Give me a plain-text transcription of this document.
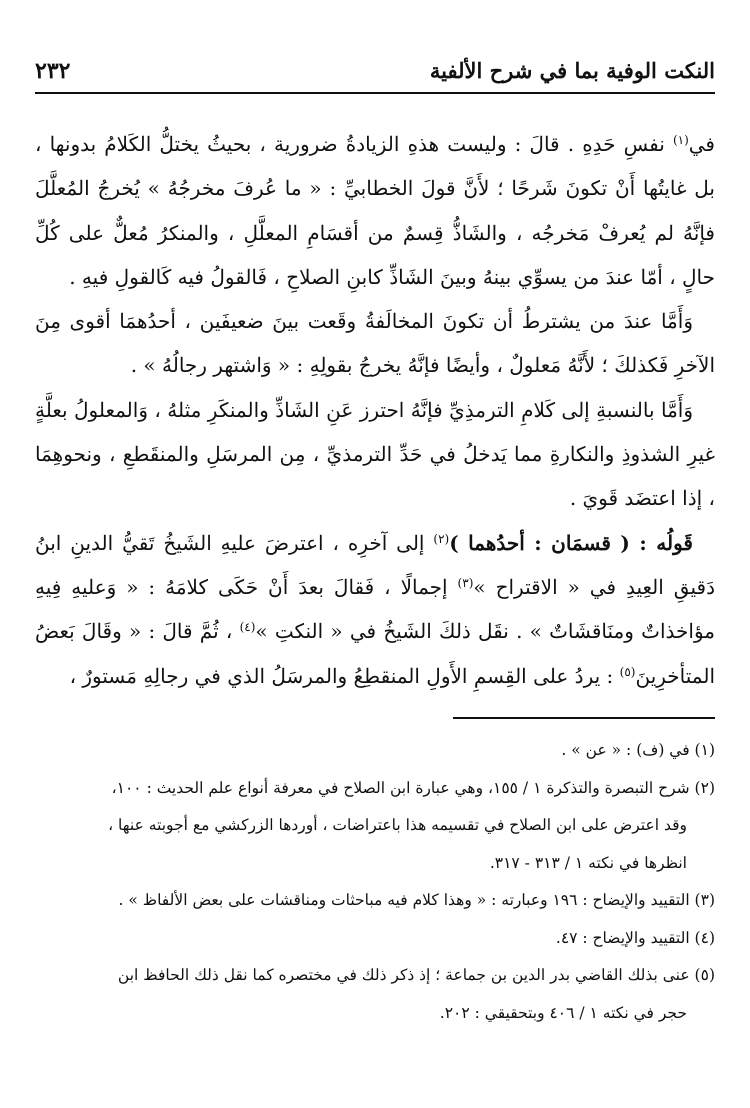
النكت الوفية بما في شرح الألفية
٢٣٢

في$^{(١)}$ نفسِ حَدِهِ . قالَ : وليست هذهِ الزيادةُ ضرورية ، بحيثُ يختلُّ الكَلامُ بدونها ، بل غايتُها أَنْ تكونَ شَرحًا ؛ لأَنَّ قولَ الخطابيِّ : « ما عُرفَ مخرجُهُ » يُخرجُ المُعلَّلَ فإنَّهُ لم يُعرفْ مَخرجُه ، والشَاذُّ قِسمٌ من أقسَامِ المعلَّلِ ، والمنكرُ مُعلٌّ على كُلِّ حالٍ ، أمّا عندَ من يسوِّي بينهُ وبينَ الشَاذِّ كابنِ الصلاحِ ، فَالقولُ فيه كَالقولِ فيهِ .

وَأَمَّا عندَ من يشترطُ أن تكونَ المخالَفةُ وقَعت بينَ ضعيفَين ، أحدُهمَا أقوى مِنَ الآخرِ فَكذلكَ ؛ لأَنَّهُ مَعلولٌ ، وأيضًا فإنَّهُ يخرجُ بقولِهِ : « وَاشتهر رجالُهُ » .

وَأَمَّا بالنسبةِ إلى كَلامِ الترمذِيِّ فإنَّهُ احترز عَنِ الشَاذِّ والمنكَرِ مثلهُ ، وَالمعلولُ بعلَّةٍ غيرِ الشذوذِ والنكارةِ مما يَدخلُ في حَدِّ الترمذيِّ ، مِن المرسَلِ والمنقَطعِ ، ونحوهِمَا ، إذا اعتضَد قَويَ .

قَولُه : ( قسمَان : أحدُهما )$^{(٢)}$ إلى آخرِه ، اعترضَ عليهِ الشَيخُ تَقيُّ الدينِ ابنُ دَقيقِ العِيدِ في « الاقتراح »$^{(٣)}$ إجمالًا ، فَقالَ بعدَ أَنْ حَكَى كلامَهُ : « وَعليهِ فِيهِ مؤاخذاتٌ ومنَاقشَاتٌ » . نقَل ذلكَ الشَيخُ في « النكتِ »$^{(٤)}$ ، ثُمَّ قالَ : « وقَالَ بَعضُ المتأخرِينَ$^{(٥)}$ : يردُ على القِسمِ الأَولِ المنقطِعُ والمرسَلُ الذي في رجالِهِ مَستورٌ ،

(١) في (ف) : « عن » .

(٢) شرح التبصرة والتذكرة ١ / ١٥٥، وهي عبارة ابن الصلاح في معرفة أنواع علم الحديث : ١٠٠،

وقد اعترض على ابن الصلاح في تقسيمه هذا باعتراضات ، أوردها الزركشي مع أجوبته عنها ،

انظرها في نكته ١ / ٣١٣ - ٣١٧.

(٣) التقييد والإيضاح : ١٩٦ وعبارته : « وهذا كلام فيه مباحثات ومناقشات على بعض الألفاظ » .

(٤) التقييد والإيضاح : ٤٧.

(٥) عنى بذلك القاضي بدر الدين بن جماعة ؛ إذ ذكر ذلك في مختصره كما نقل ذلك الحافظ ابن

حجر في نكته ١ / ٤٠٦ وبتحقيقي : ٢٠٢.
